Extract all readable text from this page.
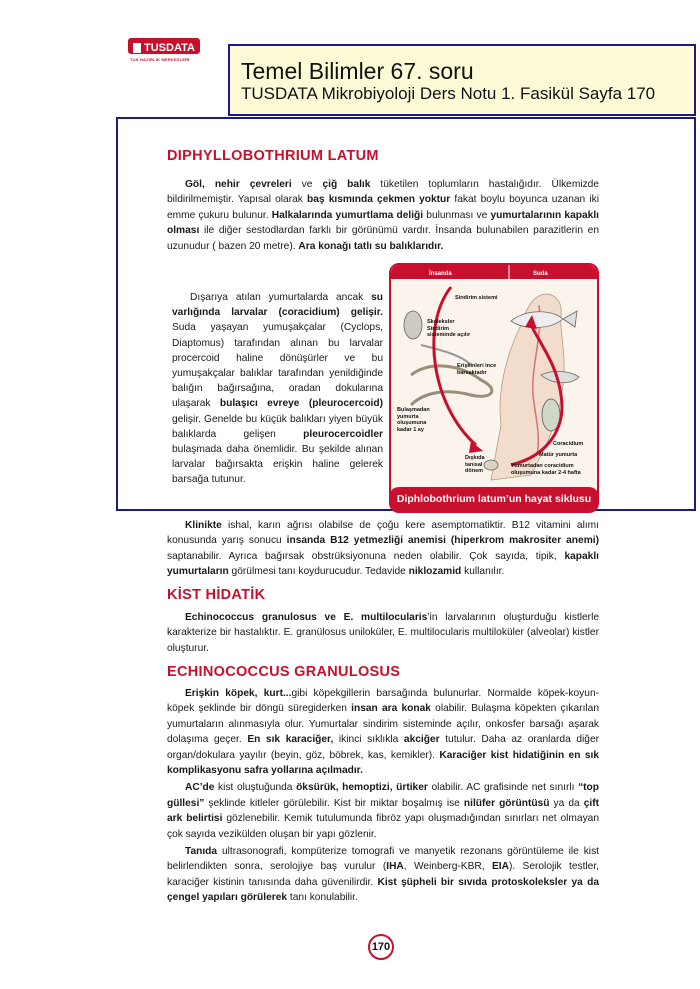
TUSDATA
TUS HAZIRLIK MERKEZLERİ Temel Bilimler 67. soru
TUSDATA Mikrobiyoloji Ders Notu 1. Fasikül Sayfa 170
DIPHYLLOBOTHRIUM LATUM

Göl, nehir çevreleri ve çiğ balık tüketilen toplumların hastalığıdır. Ülkemizde bildirilmemiştir. Yapısal olarak baş kısmında çekmen yoktur fakat boylu boyunca uzanan iki emme çukuru bulunur. Halkalarında yumurtlama deliği bulunması ve yumurtalarının kapaklı olması ile diğer sestodlardan farklı bir görünümü vardır. İnsanda bulunabilen parazitlerin en uzunudur ( bazen 20 metre). Ara konağı tatlı su balıklarıdır.

Dışarıya atılan yumurtalarda ancak su varlığında larvalar (coracidium) gelişir. Suda yaşayan yumuşakçalar (Cyclops, Diaptomus) tarafından alınan bu larvalar procercoid haline dönüşürler ve bu yumuşakçalar balıklar tarafından yenildiğinde balığın bağırsağına, oradan dokularına ulaşarak bulaşıcı evreye (pleurocercoid) gelişir. Genelde bu küçük balıkları yiyen büyük balıklarda gelişen pleurocercoidler bulaşmada daha önemlidir. Bu şekilde alınan larvalar bağırsakta erişkin haline gelerek barsağa tutunur.

İnsanda	Suda
Sindirim sistemi
Skoleksler Sindirim sisteminde açılır
Erişkinleri ince barsaktadır
Bulaşmadan yumurta oluşumuna kadar 1 ay
Dışkıda tanısal dönem
Coracidium
Matür yumurta
Yumurtadan coracidium oluşumuna kadar 2-4 hafta
Diphlobothrium latum’un hayat siklusu

Klinikte ishal, karın ağrısı olabilse de çoğu kere asemptomatiktir. B12 vitamini alımı konusunda yarış sonucu insanda B12 yetmezliği anemisi (hiperkrom makrositer anemi) saptanabilir. Ayrıca bağırsak obstrüksiyonuna neden olabilir. Çok sayıda, tipik, kapaklı yumurtaların görülmesi tanı koydurucudur. Tedavide niklozamid kullanılır.

KİST HİDATİK

Echinococcus granulosus ve E. multilocularis’in larvalarının oluşturduğu kistlerle karakterize bir hastalıktır. E. granülosus uniloküler, E. multilocularis multiloküler (alveolar) kistler oluşturur.

ECHINOCOCCUS GRANULOSUS

Erişkin köpek, kurt...gibi köpekgillerin barsağında bulunurlar. Normalde köpek-koyun-köpek şeklinde bir döngü süregiderken insan ara konak olabilir. Bulaşma köpekten çıkarılan yumurtaların alınmasıyla olur. Yumurtalar sindirim sisteminde açılır, onkosfer barsağı aşarak dolaşıma geçer. En sık karaciğer, ikinci sıklıkla akciğer tutulur. Daha az oranlarda diğer organ/dokulara yayılır (beyin, göz, böbrek, kas, kemikler). Karaciğer kist hidatiğinin en sık komplikasyonu safra yollarına açılmadır.

AC’de kist oluştuğunda öksürük, hemoptizi, ürtiker olabilir. AC grafisinde net sınırlı “top güllesi” şeklinde kitleler görülebilir. Kist bir miktar boşalmış ise nilüfer görüntüsü ya da çift ark belirtisi gözlenebilir. Kemik tutulumunda fibröz yapı oluşmadığından sınırları net olmayan çok sayıda vezikülden oluşan bir yapı gözlenir.

Tanıda ultrasonografi, kompüterize tomografi ve manyetik rezonans görüntüleme ile kist belirlendikten sonra, serolojiye baş vurulur (IHA, Weinberg-KBR, EIA). Serolojik testler, karaciğer kistinin tanısında daha güvenilirdir. Kist şüpheli bir sıvıda protoskoleksler ya da çengel yapıları görülerek tanı konulabilir.

170
